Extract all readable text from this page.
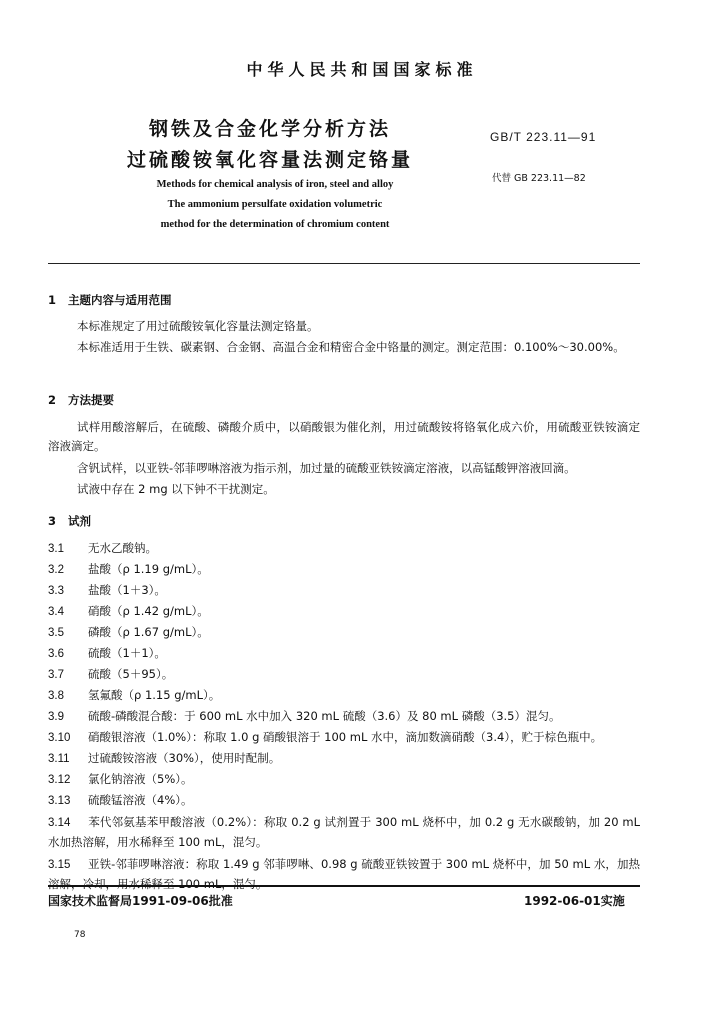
中华人民共和国国家标准
钢铁及合金化学分析方法
过硫酸铵氧化容量法测定铬量
Methods for chemical analysis of iron, steel and alloy
The ammonium persulfate oxidation volumetric
method for the determination of chromium content
GB/T 223.11—91
代替 GB 223.11—82
1 主题内容与适用范围
本标准规定了用过硫酸铵氧化容量法测定铬量。
本标准适用于生铁、碳素钢、合金钢、高温合金和精密合金中铬量的测定。测定范围：0.100%～30.00%。
2 方法提要
试样用酸溶解后，在硫酸、磷酸介质中，以硝酸银为催化剂，用过硫酸铵将铬氧化成六价，用硫酸亚铁铵滴定溶液滴定。
含钒试样，以亚铁-邻菲啰啉溶液为指示剂，加过量的硫酸亚铁铵滴定溶液，以高锰酸钾溶液回滴。
试液中存在 2 mg 以下钟不干扰测定。
3 试剂
3.1 无水乙酸钠。
3.2 盐酸（ρ 1.19 g/mL）。
3.3 盐酸（1＋3）。
3.4 硝酸（ρ 1.42 g/mL）。
3.5 磷酸（ρ 1.67 g/mL）。
3.6 硫酸（1＋1）。
3.7 硫酸（5＋95）。
3.8 氢氟酸（ρ 1.15 g/mL）。
3.9 硫酸-磷酸混合酸：于 600 mL 水中加入 320 mL 硫酸（3.6）及 80 mL 磷酸（3.5）混匀。
3.10 硝酸银溶液（1.0%）：称取 1.0 g 硝酸银溶于 100 mL 水中，滴加数滴硝酸（3.4），贮于棕色瓶中。
3.11 过硫酸铵溶液（30%），使用时配制。
3.12 氯化钠溶液（5%）。
3.13 硫酸锰溶液（4%）。
3.14 苯代邻氨基苯甲酸溶液（0.2%）：称取 0.2 g 试剂置于 300 mL 烧杯中，加 0.2 g 无水碳酸钠，加 20 mL 水加热溶解，用水稀释至 100 mL，混匀。
3.15 亚铁-邻菲啰啉溶液：称取 1.49 g 邻菲啰啉、0.98 g 硫酸亚铁铵置于 300 mL 烧杯中，加 50 mL 水，加热溶解，冷却，用水稀释至 100 mL，混匀。
国家技术监督局1991-09-06批准	1992-06-01实施
78
